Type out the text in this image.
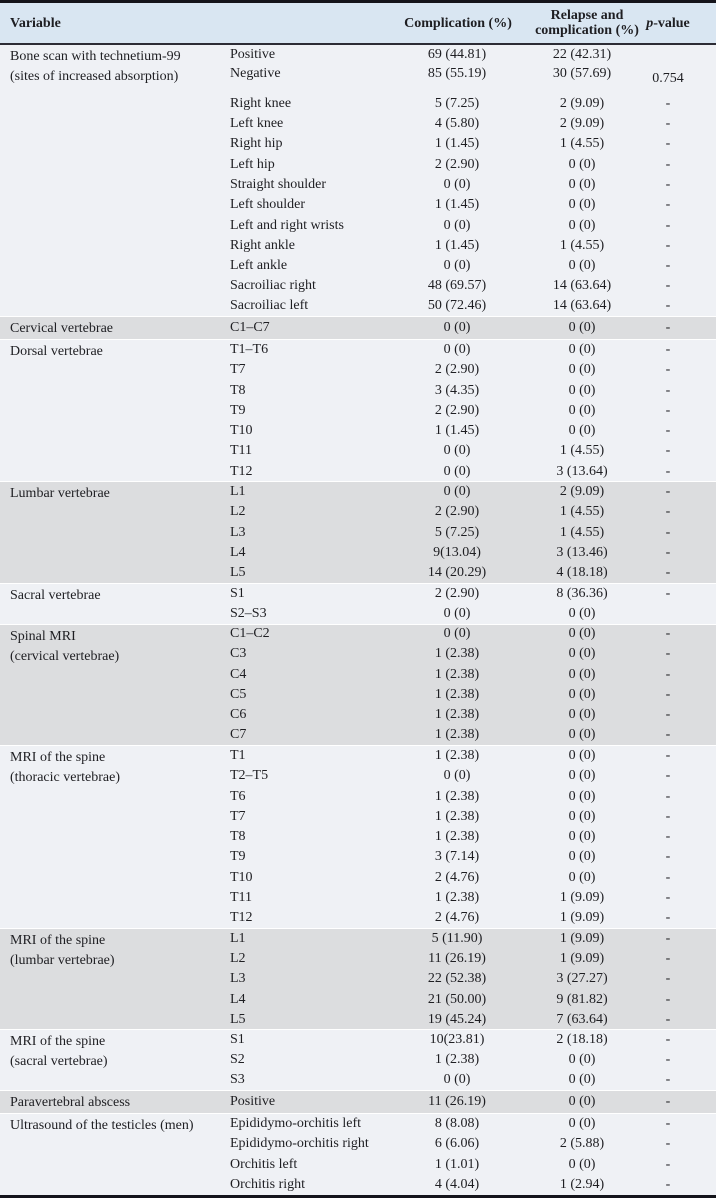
Variable		Complication (%)	Relapse and
complication (%)	p-value

Bone scan with technetium-99
(sites of increased absorption)	Positive	69 (44.81)	22 (42.31)	
	Negative	85 (55.19)	30 (57.69)	0.754

	Right knee	5 (7.25)	2 (9.09)	-
	Left knee	4 (5.80)	2 (9.09)	-
	Right hip	1 (1.45)	1 (4.55)	-
	Left hip	2 (2.90)	0 (0)	-
	Straight shoulder	0 (0)	0 (0)	-
	Left shoulder	1 (1.45)	0 (0)	-
	Left and right wrists	0 (0)	0 (0)	-
	Right ankle	1 (1.45)	1 (4.55)	-
	Left ankle	0 (0)	0 (0)	-
	Sacroiliac right	48 (69.57)	14 (63.64)	-
	Sacroiliac left	50 (72.46)	14 (63.64)	-

Cervical vertebrae	C1–C7	0 (0)	0 (0)	-

Dorsal vertebrae	T1–T6	0 (0)	0 (0)	-
	T7	2 (2.90)	0 (0)	-
	T8	3 (4.35)	0 (0)	-
	T9	2 (2.90)	0 (0)	-
	T10	1 (1.45)	0 (0)	-
	T11	0 (0)	1 (4.55)	-
	T12	0 (0)	3 (13.64)	-

Lumbar vertebrae	L1	0 (0)	2 (9.09)	-
	L2	2 (2.90)	1 (4.55)	-
	L3	5 (7.25)	1 (4.55)	-
	L4	9(13.04)	3 (13.46)	-
	L5	14 (20.29)	4 (18.18)	-

Sacral vertebrae	S1	2 (2.90)	8 (36.36)	-
	S2–S3	0 (0)	0 (0)	

Spinal MRI
(cervical vertebrae)	C1–C2	0 (0)	0 (0)	-
	C3	1 (2.38)	0 (0)	-
	C4	1 (2.38)	0 (0)	-
	C5	1 (2.38)	0 (0)	-
	C6	1 (2.38)	0 (0)	-
	C7	1 (2.38)	0 (0)	-

MRI of the spine
(thoracic vertebrae)	T1	1 (2.38)	0 (0)	-
	T2–T5	0 (0)	0 (0)	-
	T6	1 (2.38)	0 (0)	-
	T7	1 (2.38)	0 (0)	-
	T8	1 (2.38)	0 (0)	-
	T9	3 (7.14)	0 (0)	-
	T10	2 (4.76)	0 (0)	-
	T11	1 (2.38)	1 (9.09)	-
	T12	2 (4.76)	1 (9.09)	-

MRI of the spine
(lumbar vertebrae)	L1	5 (11.90)	1 (9.09)	-
	L2	11 (26.19)	1 (9.09)	-
	L3	22 (52.38)	3 (27.27)	-
	L4	21 (50.00)	9 (81.82)	-
	L5	19 (45.24)	7 (63.64)	-

MRI of the spine
(sacral vertebrae)	S1	10(23.81)	2 (18.18)	-
	S2	1 (2.38)	0 (0)	-
	S3	0 (0)	0 (0)	-

Paravertebral abscess	Positive	11 (26.19)	0 (0)	-

Ultrasound of the testicles (men)	Epididymo-orchitis left	8 (8.08)	0 (0)	-
	Epididymo-orchitis right	6 (6.06)	2 (5.88)	-
	Orchitis left	1 (1.01)	0 (0)	-
	Orchitis right	4 (4.04)	1 (2.94)	-
